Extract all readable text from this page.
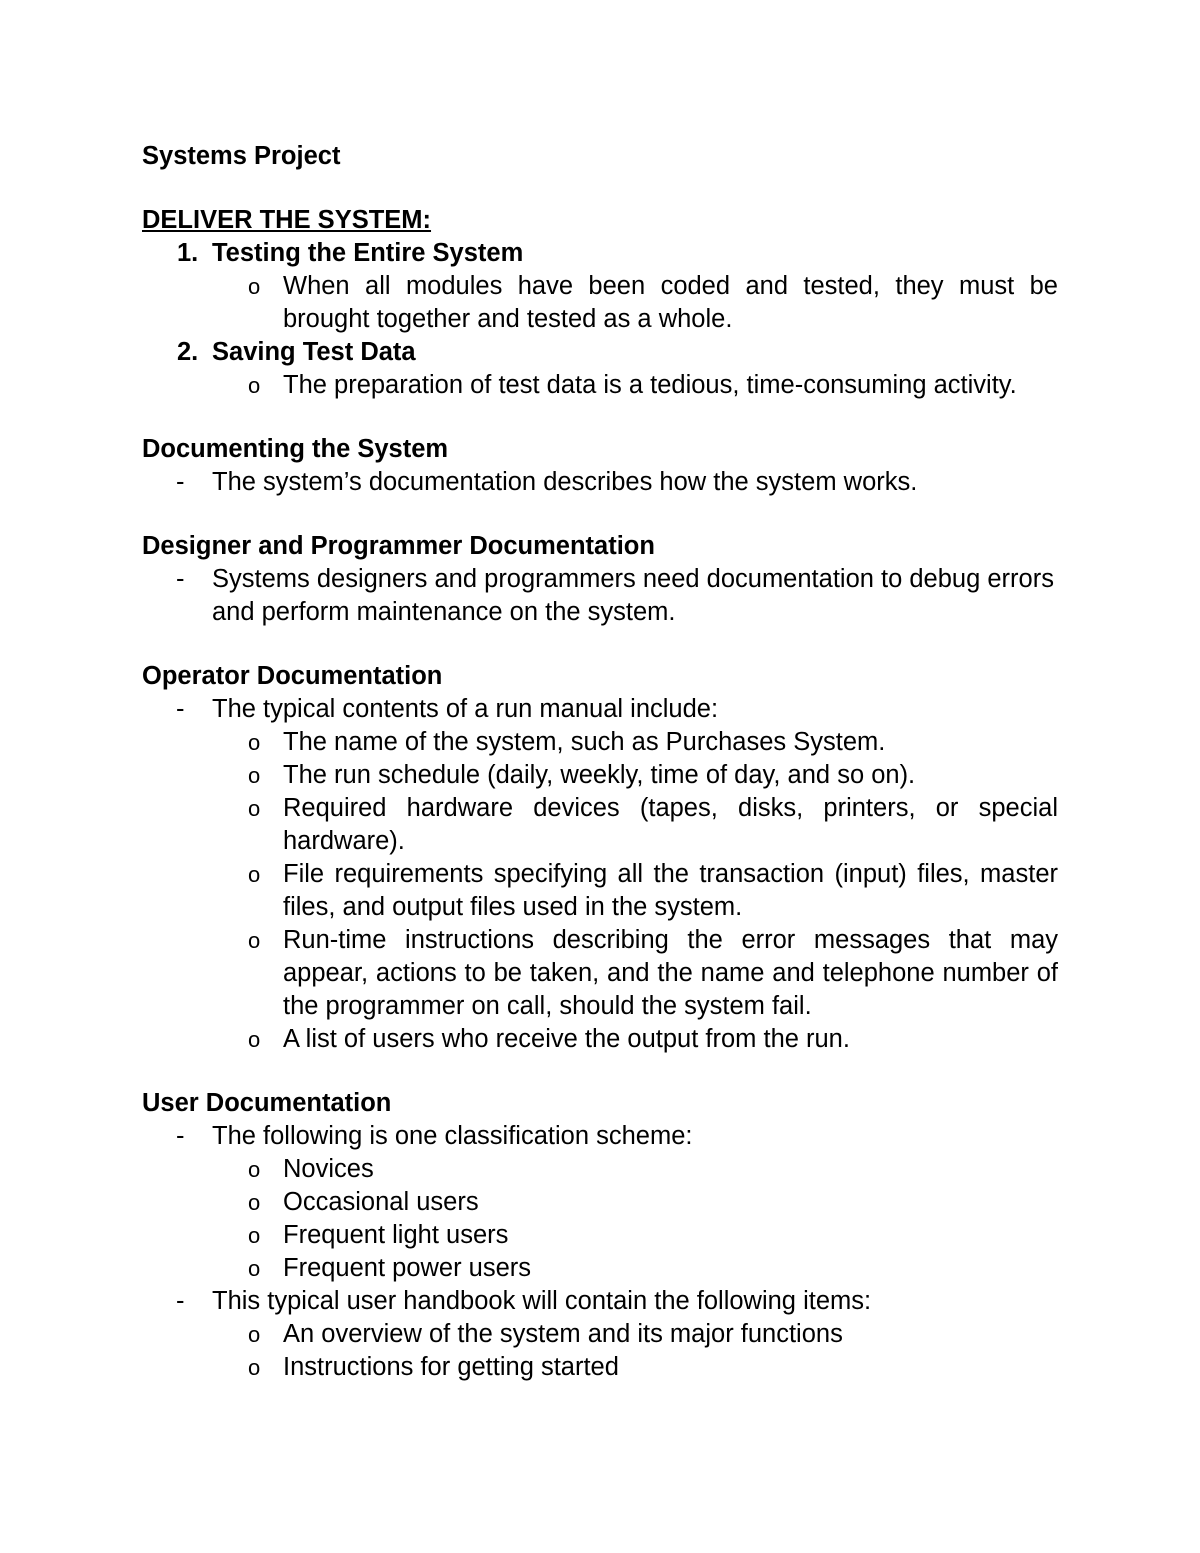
Systems Project
DELIVER THE SYSTEM:
1. Testing the Entire System
o When all modules have been coded and tested, they must be brought together and tested as a whole.
2. Saving Test Data
o The preparation of test data is a tedious, time-consuming activity.
Documenting the System
- The system’s documentation describes how the system works.
Designer and Programmer Documentation
- Systems designers and programmers need documentation to debug errors and perform maintenance on the system.
Operator Documentation
- The typical contents of a run manual include:
o The name of the system, such as Purchases System.
o The run schedule (daily, weekly, time of day, and so on).
o Required hardware devices (tapes, disks, printers, or special hardware).
o File requirements specifying all the transaction (input) files, master files, and output files used in the system.
o Run-time instructions describing the error messages that may appear, actions to be taken, and the name and telephone number of the programmer on call, should the system fail.
o A list of users who receive the output from the run.
User Documentation
- The following is one classification scheme:
o Novices
o Occasional users
o Frequent light users
o Frequent power users
- This typical user handbook will contain the following items:
o An overview of the system and its major functions
o Instructions for getting started
